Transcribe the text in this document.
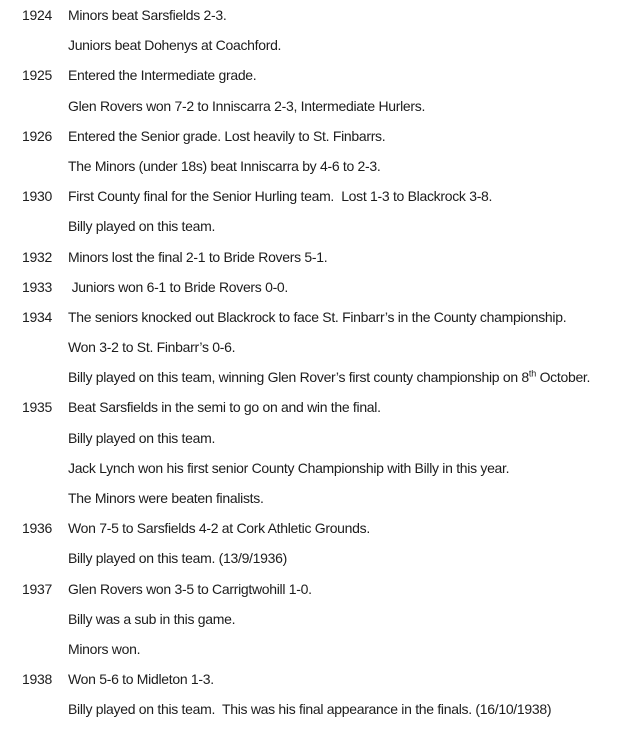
1924	Minors beat Sarsfields 2-3.
Juniors beat Dohenys at Coachford.
1925	Entered the Intermediate grade.
Glen Rovers won 7-2 to Inniscarra 2-3, Intermediate Hurlers.
1926	Entered the Senior grade. Lost heavily to St. Finbarrs.
The Minors (under 18s) beat Inniscarra by 4-6 to 2-3.
1930	First County final for the Senior Hurling team.  Lost 1-3 to Blackrock 3-8.
Billy played on this team.
1932	Minors lost the final 2-1 to Bride Rovers 5-1.
1933	Juniors won 6-1 to Bride Rovers 0-0.
1934	The seniors knocked out Blackrock to face St. Finbarr’s in the County championship.
Won 3-2 to St. Finbarr’s 0-6.
Billy played on this team, winning Glen Rover’s first county championship on 8th October.
1935	Beat Sarsfields in the semi to go on and win the final.
Billy played on this team.
Jack Lynch won his first senior County Championship with Billy in this year.
The Minors were beaten finalists.
1936	Won 7-5 to Sarsfields 4-2 at Cork Athletic Grounds.
Billy played on this team. (13/9/1936)
1937	Glen Rovers won 3-5 to Carrigtwohill 1-0.
Billy was a sub in this game.
Minors won.
1938	Won 5-6 to Midleton 1-3.
Billy played on this team.  This was his final appearance in the finals. (16/10/1938)
